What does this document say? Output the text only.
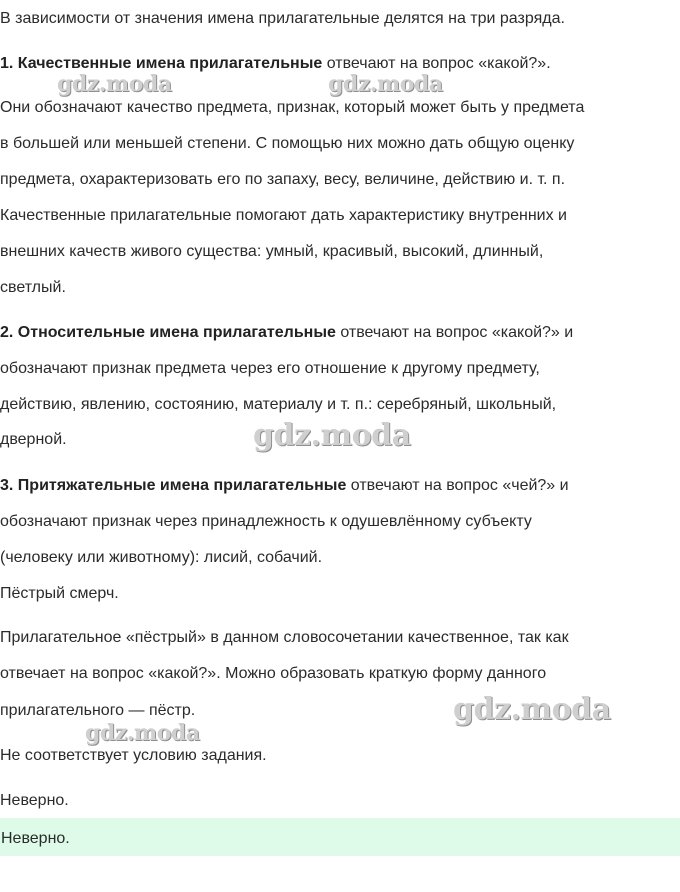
В зависимости от значения имена прилагательные делятся на три разряда.
1. Качественные имена прилагательные отвечают на вопрос «какой?».
Они обозначают качество предмета, признак, который может быть у предмета
в большей или меньшей степени. С помощью них можно дать общую оценку
предмета, охарактеризовать его по запаху, весу, величине, действию и. т. п.
Качественные прилагательные помогают дать характеристику внутренних и
внешних качеств живого существа: умный, красивый, высокий, длинный,
светлый.
2. Относительные имена прилагательные отвечают на вопрос «какой?» и
обозначают признак предмета через его отношение к другому предмету,
действию, явлению, состоянию, материалу и т. п.: серебряный, школьный,
дверной.
3. Притяжательные имена прилагательные отвечают на вопрос «чей?» и
обозначают признак через принадлежность к одушевлённому субъекту
(человеку или животному): лисий, собачий.
Пёстрый смерч.
Прилагательное «пёстрый» в данном словосочетании качественное, так как
отвечает на вопрос «какой?». Можно образовать краткую форму данного
прилагательного — пёстр.
Не соответствует условию задания.
Неверно.
Неверно.
gdz.moda	gdz.moda
gdz.moda
gdz.moda
gdz.moda
